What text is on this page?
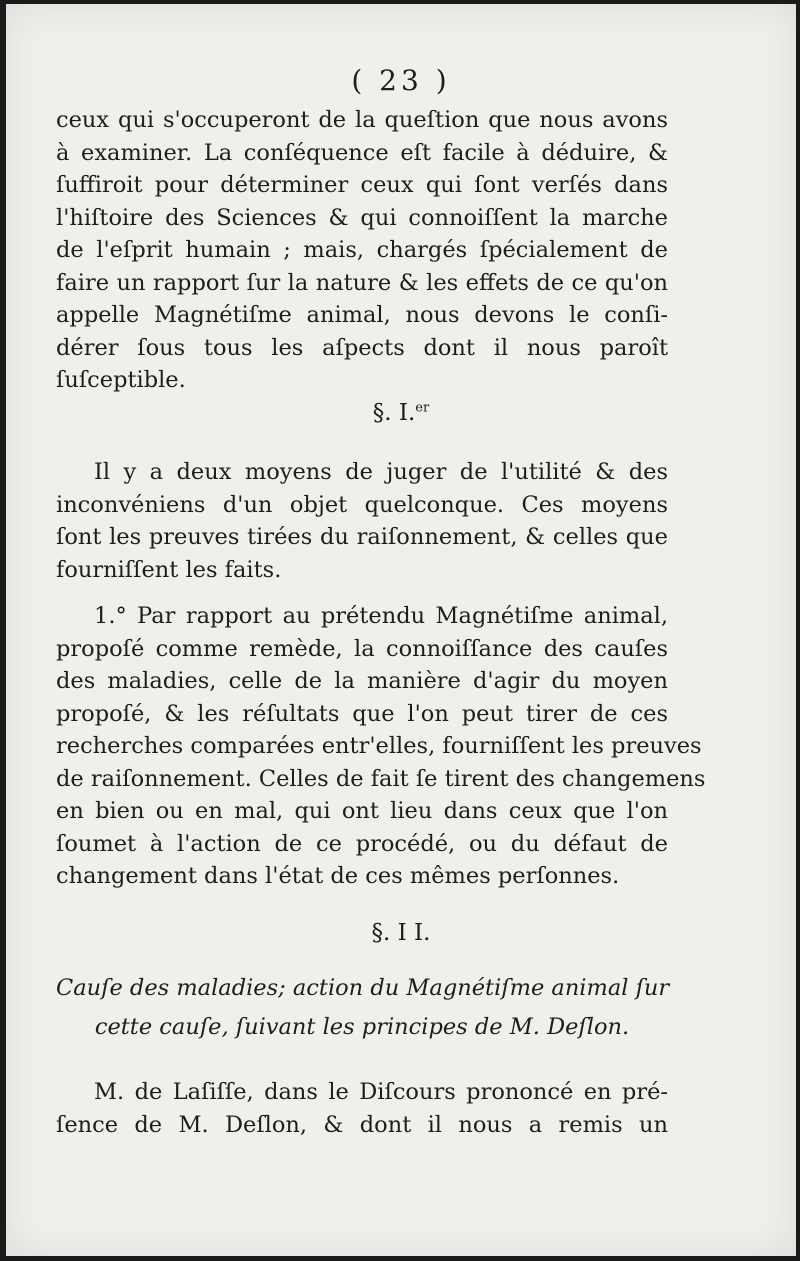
( 23 )
ceux qui s'occuperont de la queſtion que nous avons
à examiner. La conſéquence eſt facile à déduire, &
ſuffiroit pour déterminer ceux qui ſont verſés dans
l'hiſtoire des Sciences & qui connoiſſent la marche
de l'eſprit humain ; mais, chargés ſpécialement de
faire un rapport ſur la nature & les effets de ce qu'on
appelle Magnétiſme animal, nous devons le conſi-
dérer ſous tous les aſpects dont il nous paroît
ſuſceptible.
§. I.$^{er}$
Il y a deux moyens de juger de l'utilité & des
inconvéniens d'un objet quelconque. Ces moyens
ſont les preuves tirées du raiſonnement, & celles que
fourniſſent les faits.
1.° Par rapport au prétendu Magnétiſme animal,
propoſé comme remède, la connoiſſance des cauſes
des maladies, celle de la manière d'agir du moyen
propoſé, & les réſultats que l'on peut tirer de ces
recherches comparées entr'elles, fourniſſent les preuves
de raiſonnement. Celles de fait ſe tirent des changemens
en bien ou en mal, qui ont lieu dans ceux que l'on
ſoumet à l'action de ce procédé, ou du défaut de
changement dans l'état de ces mêmes perſonnes.
§. I I.
Cauſe des maladies; action du Magnétiſme animal ſur
cette cauſe, ſuivant les principes de M. Deſlon.
M. de Laſiſſe, dans le Diſcours prononcé en pré-
ſence de M. Deſlon, & dont il nous a remis un
